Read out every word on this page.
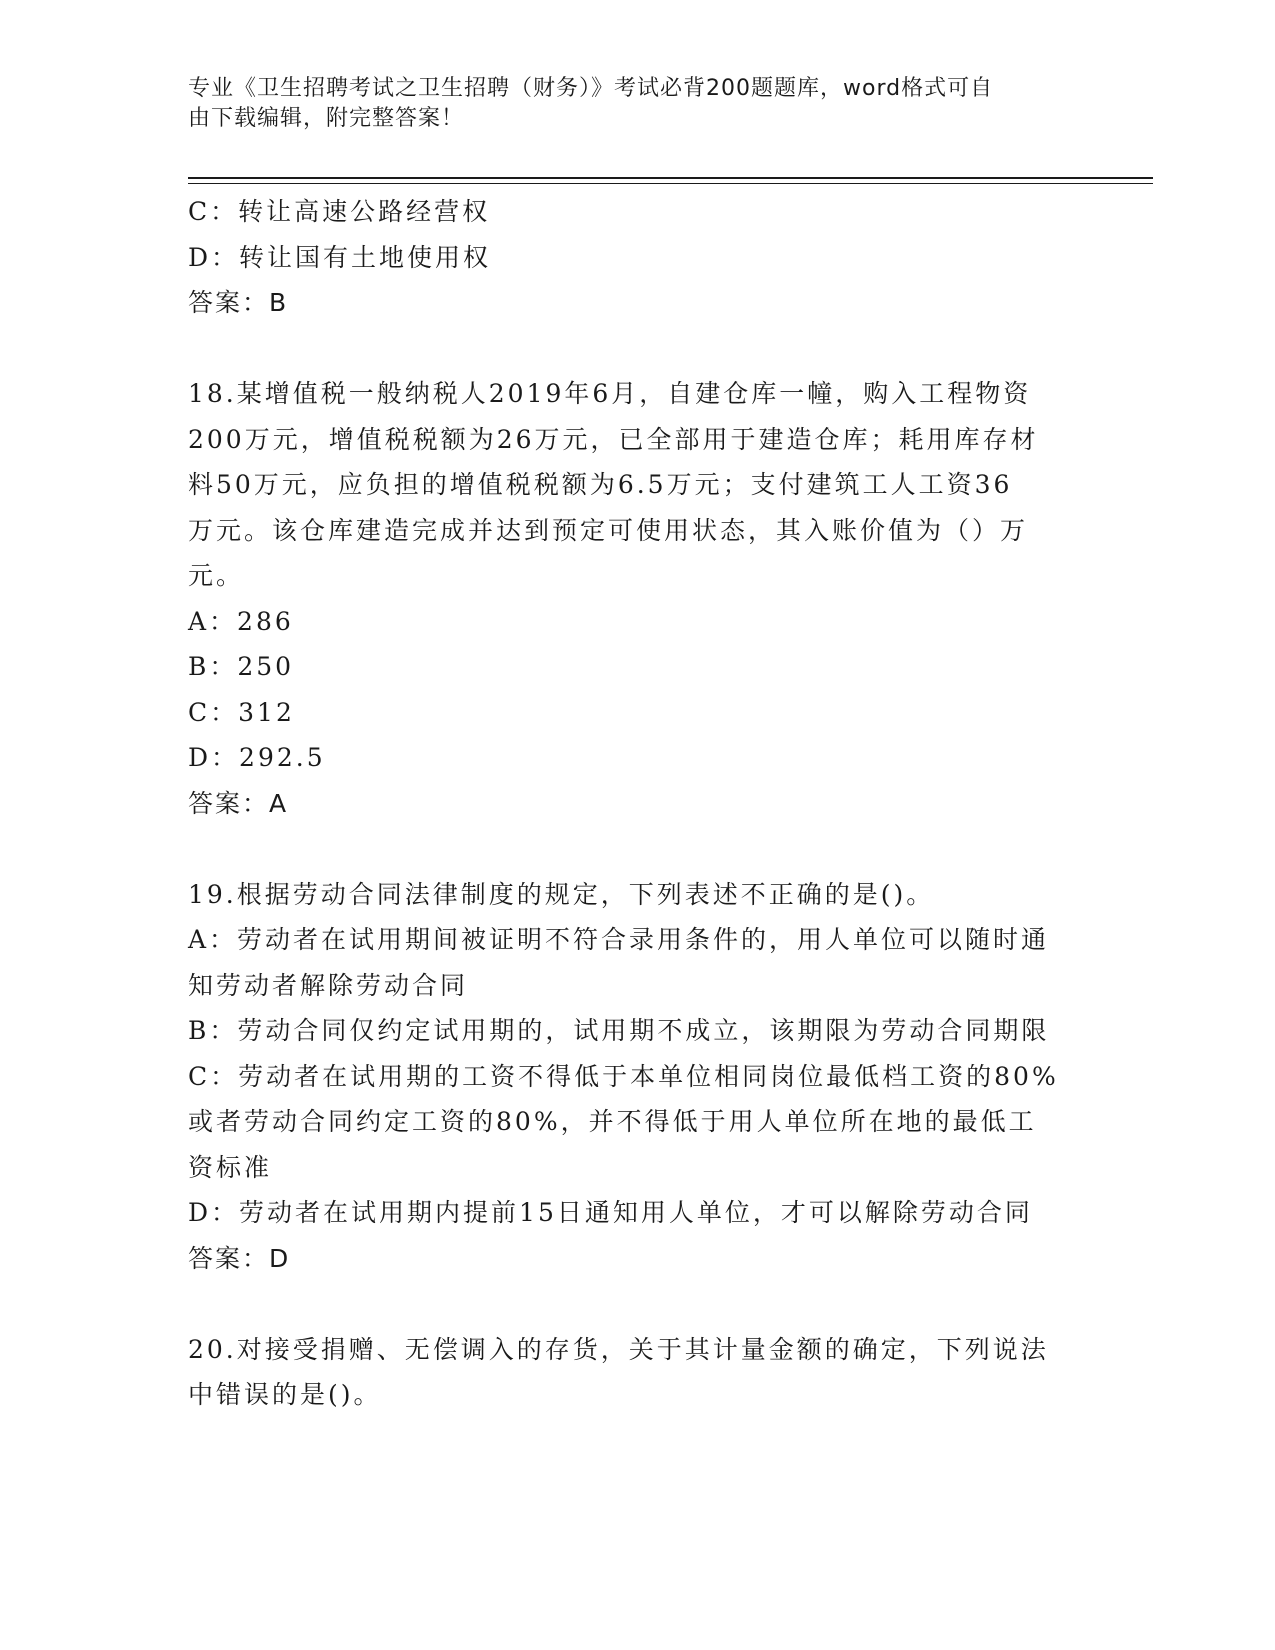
专业《卫生招聘考试之卫生招聘（财务）》考试必背200题题库，word格式可自
由下载编辑，附完整答案！
C：转让高速公路经营权
D：转让国有土地使用权
答案：B
18.某增值税一般纳税人2019年6月，自建仓库一幢，购入工程物资
200万元，增值税税额为26万元，已全部用于建造仓库；耗用库存材
料50万元，应负担的增值税税额为6.5万元；支付建筑工人工资36
万元。该仓库建造完成并达到预定可使用状态，其入账价值为（）万
元。
A：286
B：250
C：312
D：292.5
答案：A
19.根据劳动合同法律制度的规定，下列表述不正确的是()。
A：劳动者在试用期间被证明不符合录用条件的，用人单位可以随时通
知劳动者解除劳动合同
B：劳动合同仅约定试用期的，试用期不成立，该期限为劳动合同期限
C：劳动者在试用期的工资不得低于本单位相同岗位最低档工资的80%
或者劳动合同约定工资的80%，并不得低于用人单位所在地的最低工
资标准
D：劳动者在试用期内提前15日通知用人单位，才可以解除劳动合同
答案：D
20.对接受捐赠、无偿调入的存货，关于其计量金额的确定，下列说法
中错误的是()。
